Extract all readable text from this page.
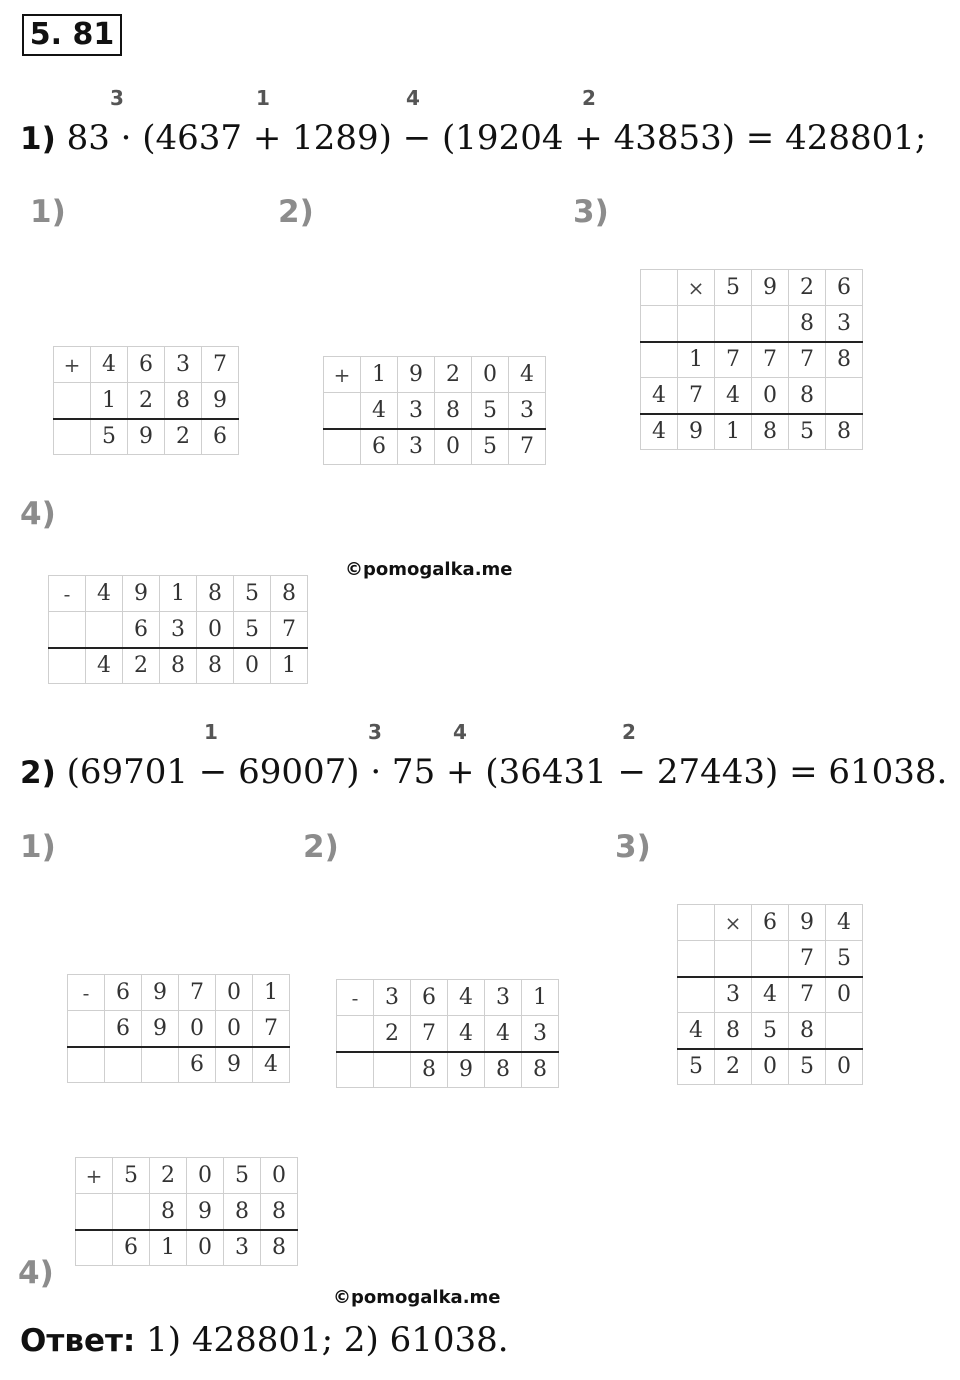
5. 81
3	1	4	2
1) 83 · (4637 + 1289) − (19204 + 43853) = 428801;
1)	2)	3)
4)
+	4	6	3	7
	1	2	8	9
	5	9	2	6
+	1	9	2	0	4
	4	3	8	5	3
	6	3	0	5	7
	×	5	9	2	6
				8	3
	1	7	7	7	8
4	7	4	0	8	
4	9	1	8	5	8
-	4	9	1	8	5	8
		6	3	0	5	7
	4	2	8	8	0	1
©pomogalka.me
1	3	4	2
2) (69701 − 69007) · 75 + (36431 − 27443) = 61038.
1)	2)	3)
4)
-	6	9	7	0	1
	6	9	0	0	7
			6	9	4
-	3	6	4	3	1
	2	7	4	4	3
		8	9	8	8
	×	6	9	4
			7	5
	3	4	7	0
4	8	5	8	
5	2	0	5	0
+	5	2	0	5	0
		8	9	8	8
	6	1	0	3	8
©pomogalka.me
Ответ: 1) 428801; 2) 61038.
